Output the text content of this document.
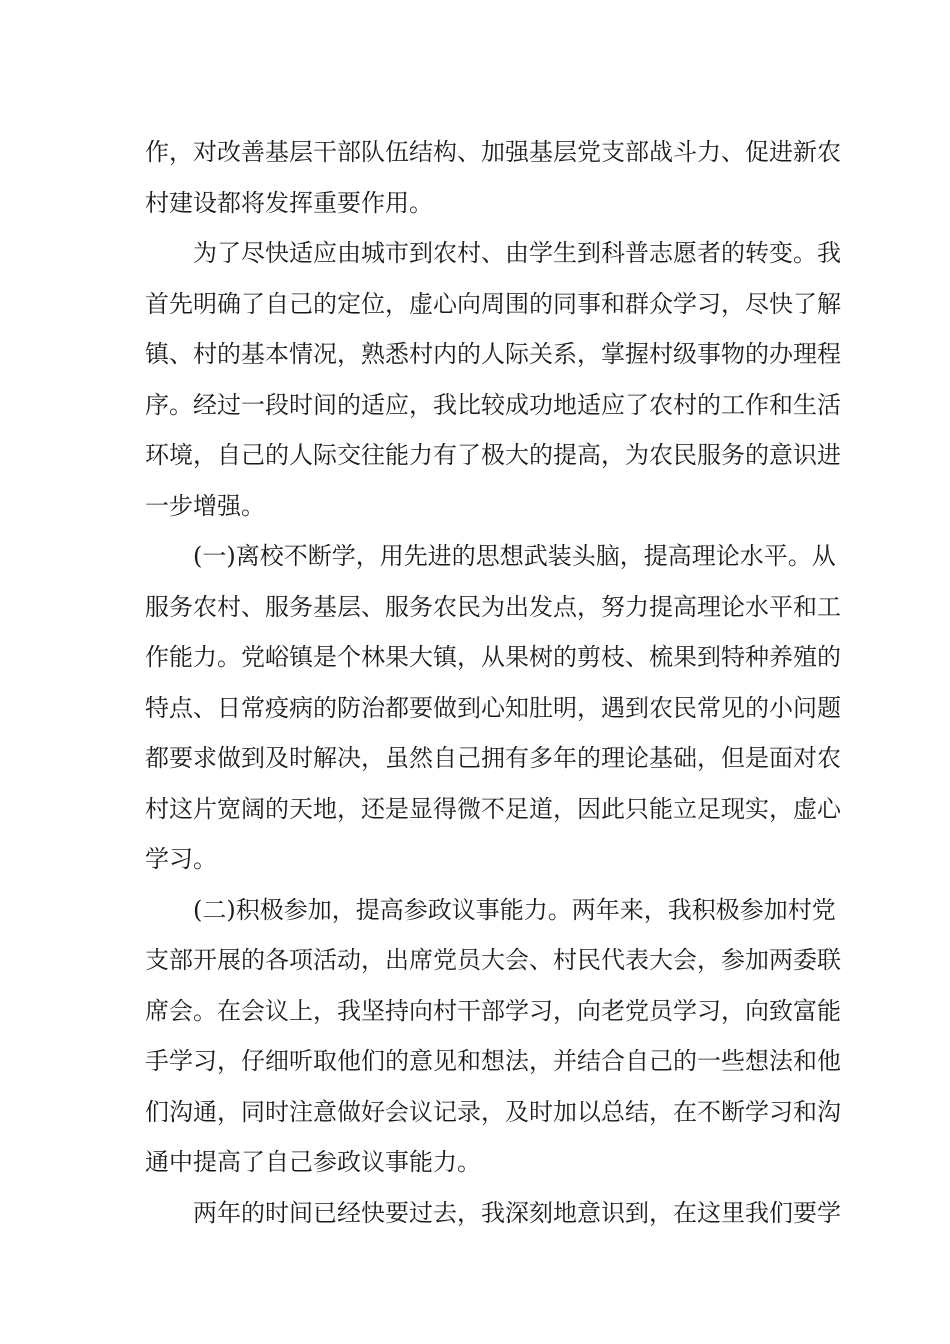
作，对改善基层干部队伍结构、加强基层党支部战斗力、促进新农
村建设都将发挥重要作用。
为了尽快适应由城市到农村、由学生到科普志愿者的转变。我
首先明确了自己的定位，虚心向周围的同事和群众学习，尽快了解
镇、村的基本情况，熟悉村内的人际关系，掌握村级事物的办理程
序。经过一段时间的适应，我比较成功地适应了农村的工作和生活
环境，自己的人际交往能力有了极大的提高，为农民服务的意识进
一步增强。
(一)离校不断学，用先进的思想武装头脑，提高理论水平。从
服务农村、服务基层、服务农民为出发点，努力提高理论水平和工
作能力。党峪镇是个林果大镇，从果树的剪枝、梳果到特种养殖的
特点、日常疫病的防治都要做到心知肚明，遇到农民常见的小问题
都要求做到及时解决，虽然自己拥有多年的理论基础，但是面对农
村这片宽阔的天地，还是显得微不足道，因此只能立足现实，虚心
学习。
(二)积极参加，提高参政议事能力。两年来，我积极参加村党
支部开展的各项活动，出席党员大会、村民代表大会，参加两委联
席会。在会议上，我坚持向村干部学习，向老党员学习，向致富能
手学习，仔细听取他们的意见和想法，并结合自己的一些想法和他
们沟通，同时注意做好会议记录，及时加以总结，在不断学习和沟
通中提高了自己参政议事能力。
两年的时间已经快要过去，我深刻地意识到，在这里我们要学
